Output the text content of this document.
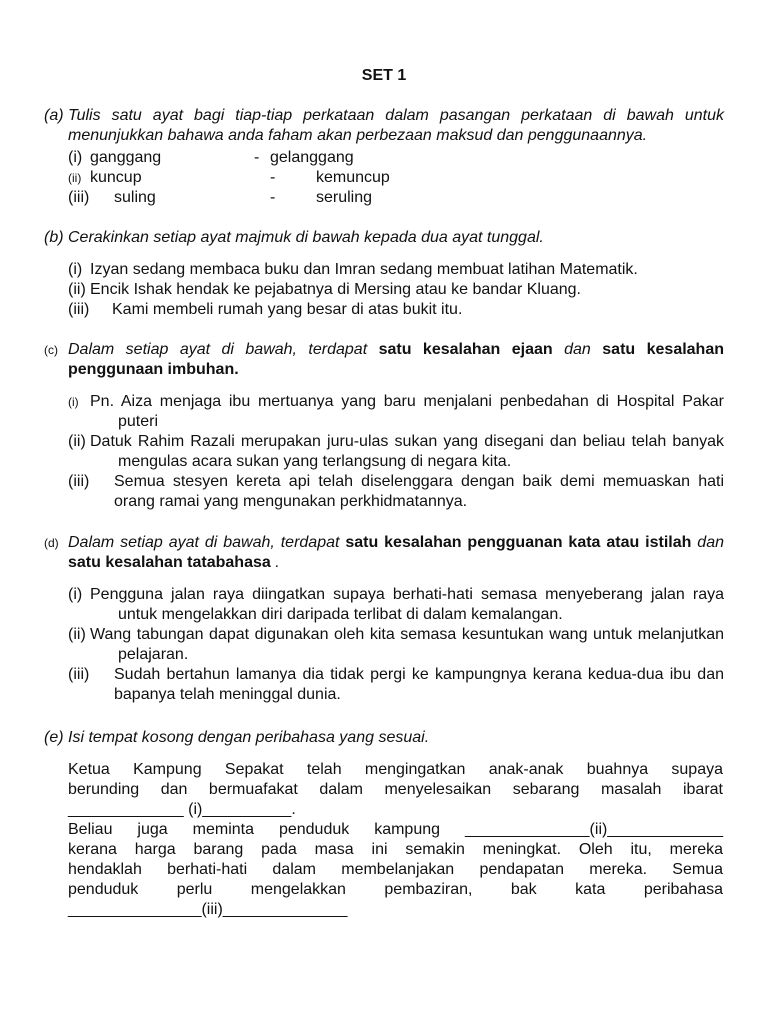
SET 1
(a) Tulis satu ayat bagi tiap-tiap perkataan dalam pasangan perkataan di bawah untuk menunjukkan bahawa anda faham akan perbezaan maksud dan penggunaannya.
(i) ganggang	- gelanggang
(ii) kuncup	-	kemuncup
(iii) suling	-	seruling
(b) Cerakinkan setiap ayat majmuk di bawah kepada dua ayat tunggal.
(i) Izyan sedang membaca buku dan Imran sedang membuat latihan Matematik.
(ii) Encik Ishak hendak ke pejabatnya di Mersing atau ke bandar Kluang.
(iii) Kami membeli rumah yang besar di atas bukit itu.
(c) Dalam setiap ayat di bawah, terdapat satu kesalahan ejaan dan satu kesalahan penggunaan imbuhan.
(i) Pn. Aiza menjaga ibu mertuanya yang baru menjalani penbedahan di Hospital Pakar puteri
(ii) Datuk Rahim Razali merupakan juru-ulas sukan yang disegani dan beliau telah banyak mengulas acara sukan yang terlangsung di negara kita.
(iii) Semua stesyen kereta api telah diselenggara dengan baik demi memuaskan hati orang ramai yang mengunakan perkhidmatannya.
(d) Dalam setiap ayat di bawah, terdapat satu kesalahan pengguanan kata atau istilah dan satu kesalahan tatabahasa .
(i) Pengguna jalan raya diingatkan supaya berhati-hati semasa menyeberang jalan raya untuk mengelakkan diri daripada terlibat di dalam kemalangan.
(ii) Wang tabungan dapat digunakan oleh kita semasa kesuntukan wang untuk melanjutkan pelajaran.
(iii) Sudah bertahun lamanya dia tidak pergi ke kampungnya kerana kedua-dua ibu dan bapanya telah meninggal dunia.
(e) Isi tempat kosong dengan peribahasa yang sesuai.
Ketua Kampung Sepakat telah mengingatkan anak-anak buahnya supaya
berunding dan bermuafakat dalam menyelesaikan sebarang masalah ibarat
_____________ (i)__________.
Beliau juga meminta penduduk kampung ______________(ii)_____________
kerana harga barang pada masa ini semakin meningkat. Oleh itu, mereka
hendaklah berhati-hati dalam membelanjakan pendapatan mereka. Semua
penduduk perlu mengelakkan pembaziran, bak kata peribahasa
_______________(iii)______________
